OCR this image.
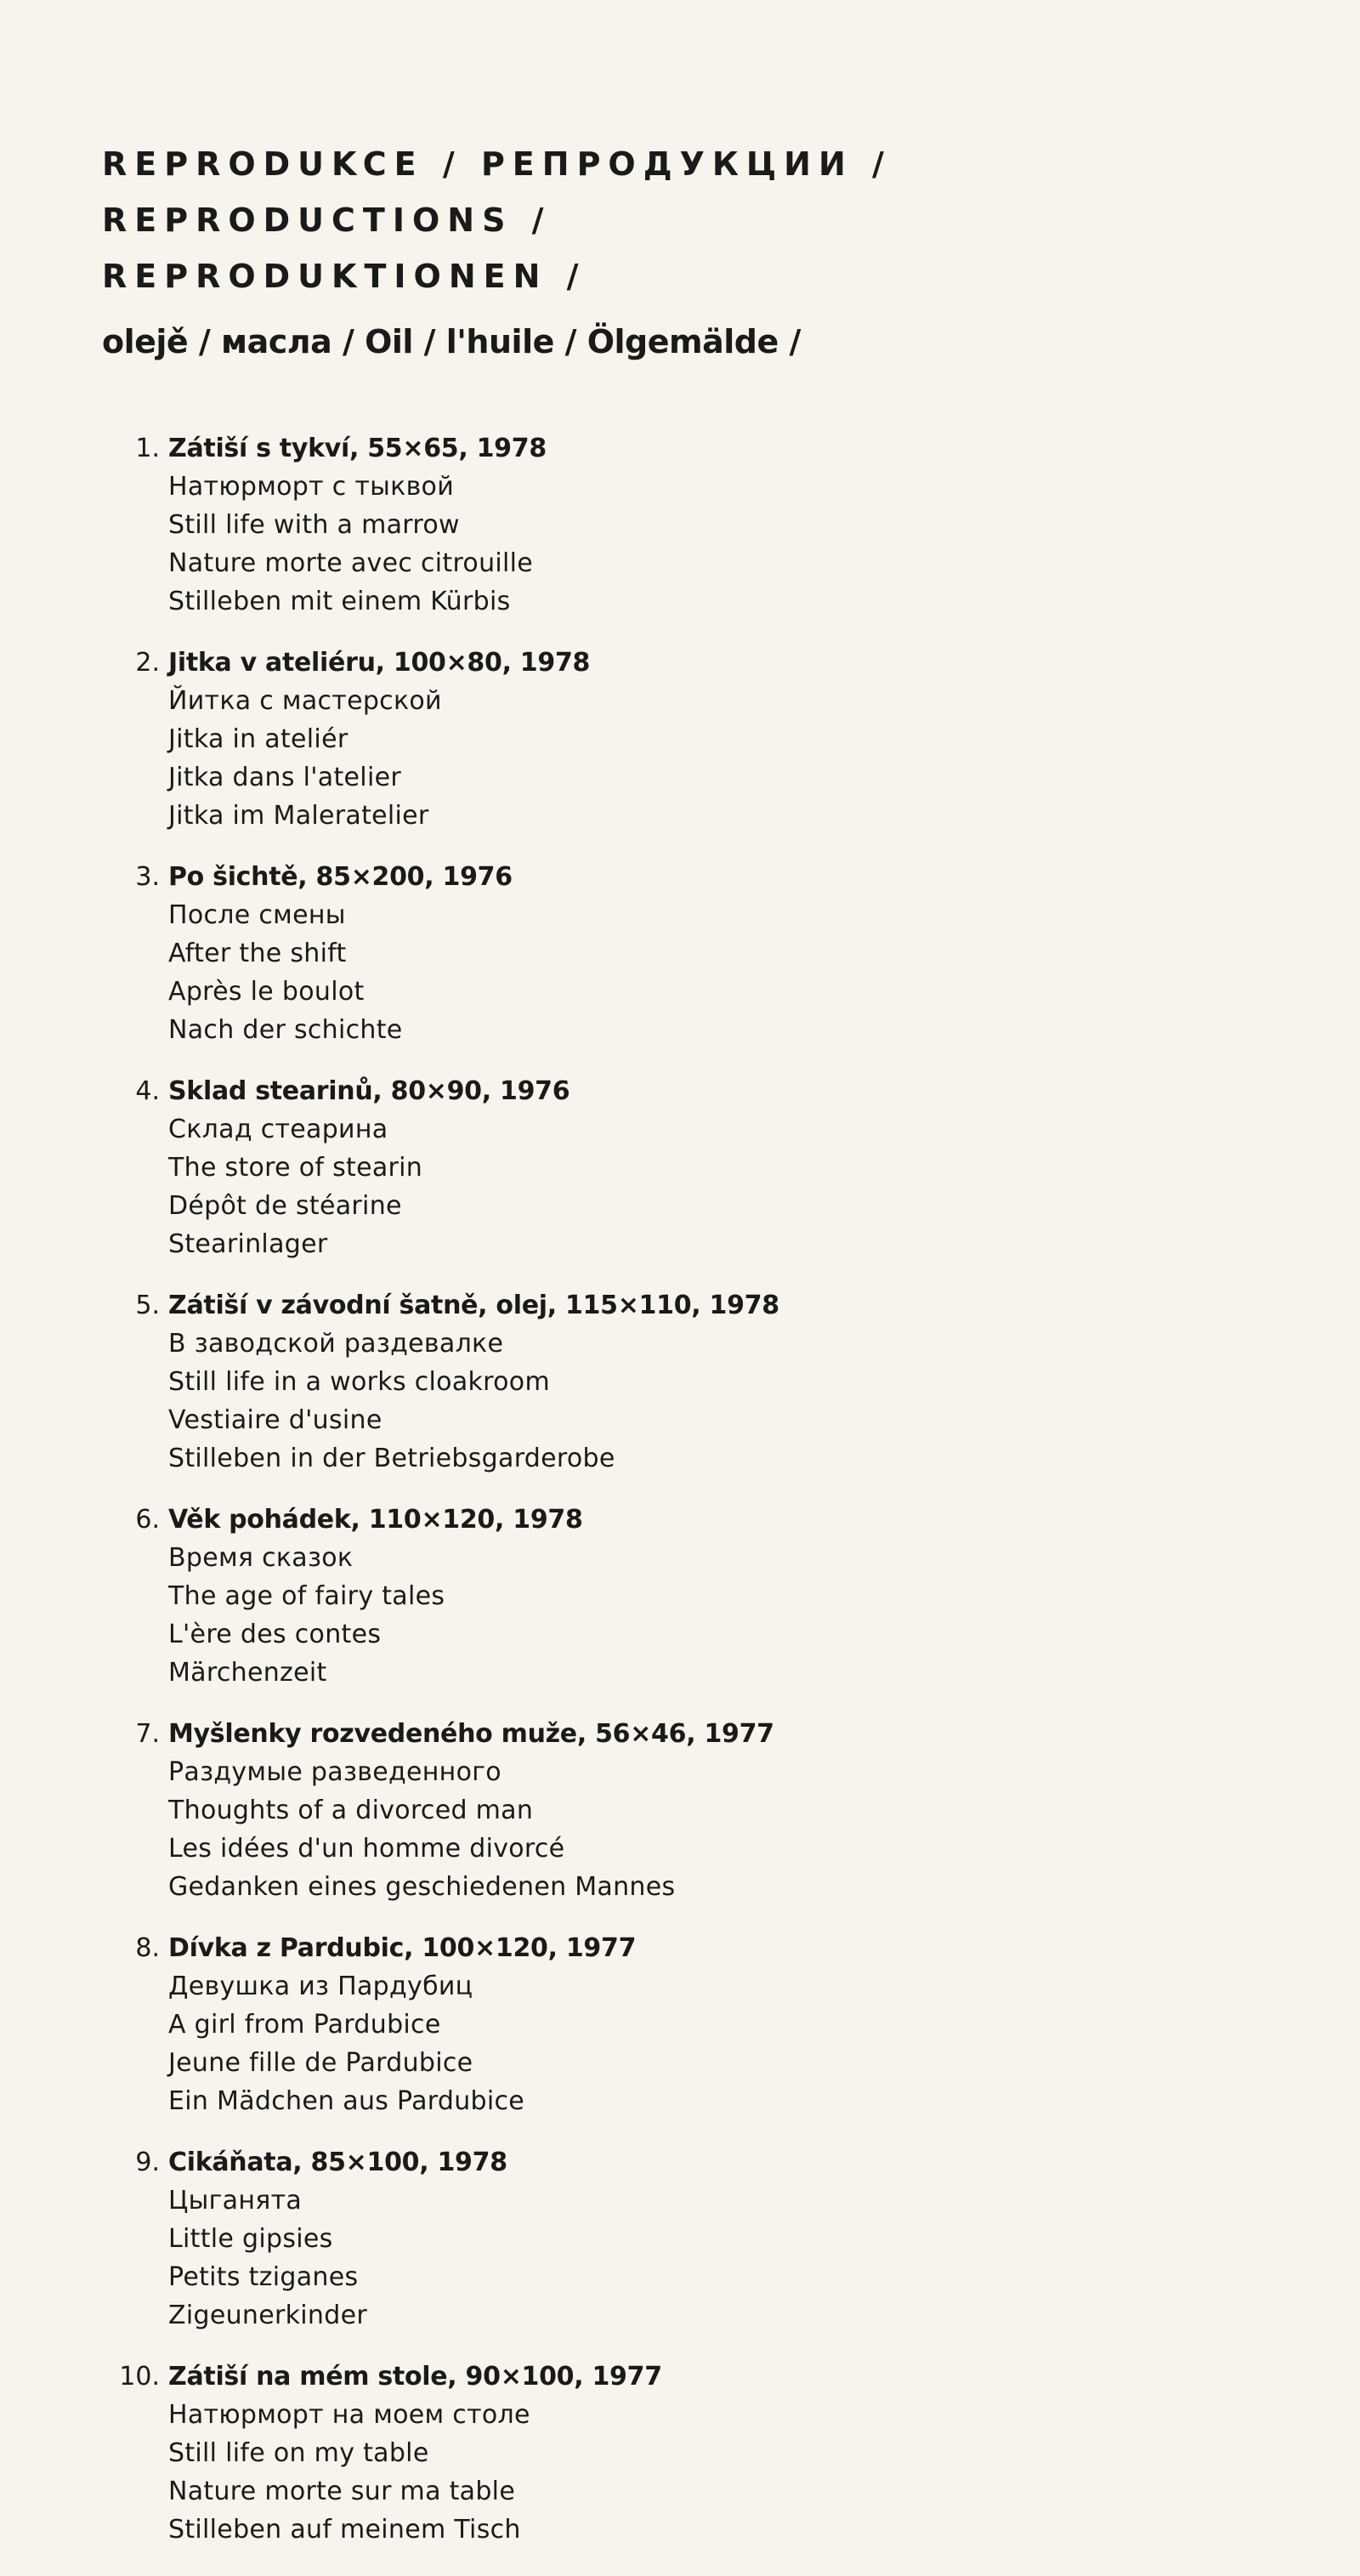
REPRODUKCE / РЕПРОДУКЦИИ /
REPRODUCTIONS /
REPRODUKTIONEN /
olejě / масла / Oil / l'huile / Ölgemälde /
1. Zátiší s tykví, 55×65, 1978
Натюрморт с тыквой
Still life with a marrow
Nature morte avec citrouille
Stilleben mit einem Kürbis
2. Jitka v ateliéru, 100×80, 1978
Йитка с мастерской
Jitka in ateliér
Jitka dans l'atelier
Jitka im Maleratelier
3. Po šichtě, 85×200, 1976
После смены
After the shift
Après le boulot
Nach der schichte
4. Sklad stearinů, 80×90, 1976
Склад стеарина
The store of stearin
Dépôt de stéarine
Stearinlager
5. Zátiší v závodní šatně, olej, 115×110, 1978
В заводской раздевалке
Still life in a works cloakroom
Vestiaire d'usine
Stilleben in der Betriebsgarderobe
6. Věk pohádek, 110×120, 1978
Время сказок
The age of fairy tales
L'ère des contes
Märchenzeit
7. Myšlenky rozvedeného muže, 56×46, 1977
Раздумые разведенного
Thoughts of a divorced man
Les idées d'un homme divorcé
Gedanken eines geschiedenen Mannes
8. Dívka z Pardubic, 100×120, 1977
Девушка из Пардубиц
A girl from Pardubice
Jeune fille de Pardubice
Ein Mädchen aus Pardubice
9. Cikáňata, 85×100, 1978
Цыганята
Little gipsies
Petits tziganes
Zigeunerkinder
10. Zátiší na mém stole, 90×100, 1977
Натюрморт на моем столе
Still life on my table
Nature morte sur ma table
Stilleben auf meinem Tisch
